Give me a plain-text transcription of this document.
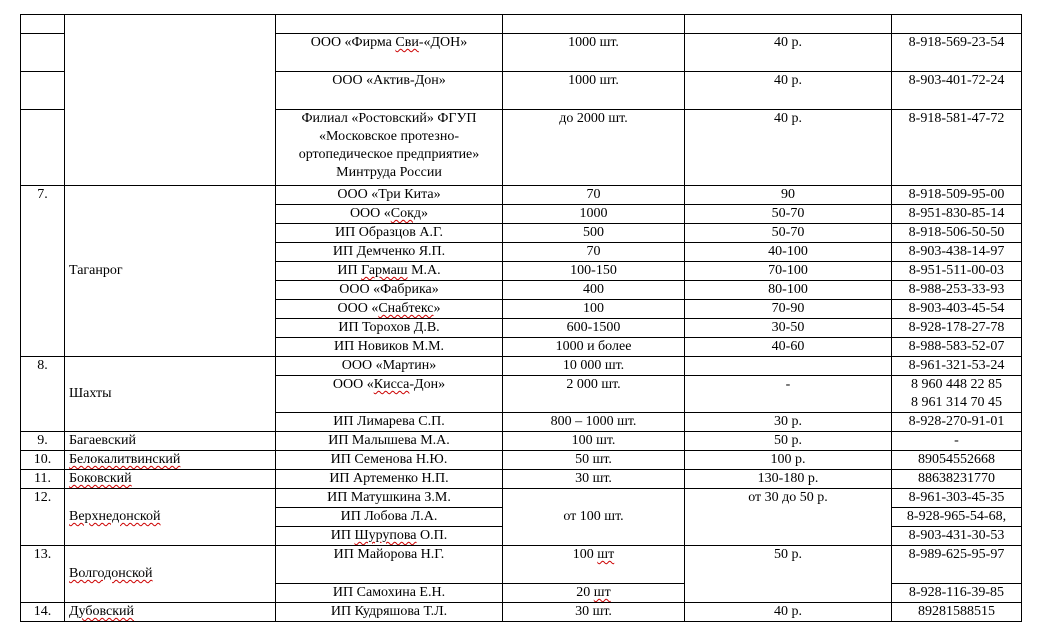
		ООО «Фирма Сви-«ДОН»	1000 шт.	40 р.	8-918-569-23-54
		ООО «Актив-Дон»	1000 шт.	40 р.	8-903-401-72-24
		Филиал «Ростовский» ФГУП «Московское протезно-ортопедическое предприятие» Минтруда России	до 2000 шт.	40 р.	8-918-581-47-72
7.	Таганрог	ООО «Три Кита»	70	90	8-918-509-95-00
		ООО «Сокд»	1000	50-70	8-951-830-85-14
		ИП Образцов А.Г.	500	50-70	8-918-506-50-50
		ИП Демченко Я.П.	70	40-100	8-903-438-14-97
		ИП Гармаш М.А.	100-150	70-100	8-951-511-00-03
		ООО «Фабрика»	400	80-100	8-988-253-33-93
		ООО «Снабтекс»	100	70-90	8-903-403-45-54
		ИП Торохов Д.В.	600-1500	30-50	8-928-178-27-78
		ИП Новиков М.М.	1000 и более	40-60	8-988-583-52-07
8.	Шахты	ООО «Мартин»	10 000 шт.		8-961-321-53-24
		ООО «Кисса-Дон»	2 000 шт.	-	8 960 448 22 85
8 961 314 70 45

		ИП Лимарева С.П.	800 – 1000 шт.	30 р.	8-928-270-91-01
9.	Багаевский	ИП Малышева М.А.	100 шт.	50 р.	-
10.	Белокалитвинский	ИП Семенова Н.Ю.	50 шт.	100 р.	89054552668
11.	Боковский	ИП Артеменко Н.П.	30 шт.	130-180 р.	88638231770
12.	Верхнедонской	ИП Матушкина З.М.	от 100 шт.	от 30 до 50 р.	8-961-303-45-35
		ИП Лобова Л.А.			8-928-965-54-68,
		ИП Шурупова О.П.			8-903-431-30-53
13.	Волгодонской	ИП Майорова Н.Г.	100 шт	50 р.	8-989-625-95-97
		ИП Самохина Е.Н.	20 шт		8-928-116-39-85
14.	Дубовский	ИП Кудряшова Т.Л.	30 шт.	40 р.	89281588515
